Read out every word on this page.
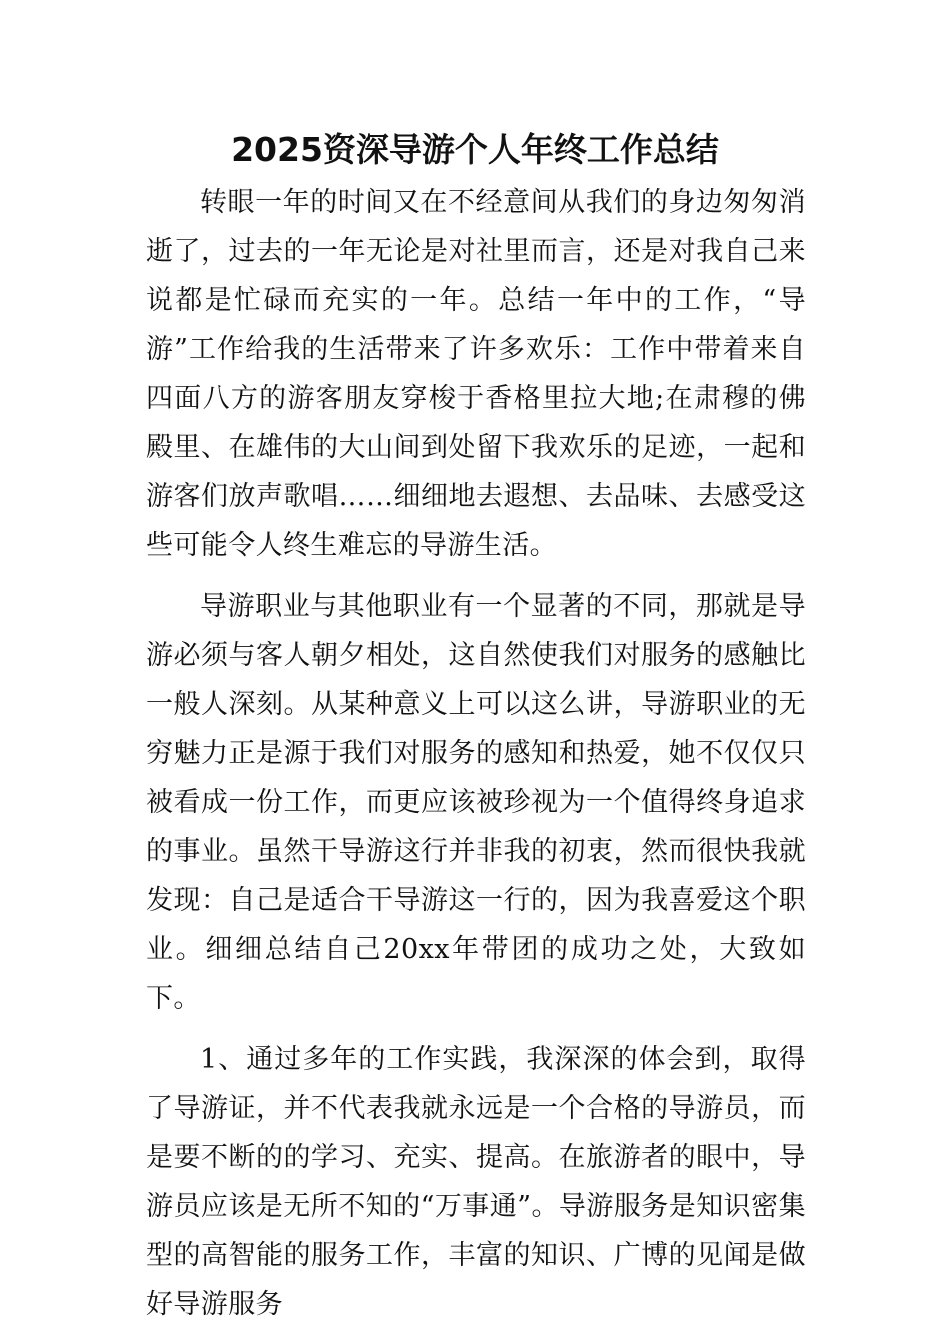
2025资深导游个人年终工作总结

转眼一年的时间又在不经意间从我们的身边匆匆消逝了，过去的一年无论是对社里而言，还是对我自己来说都是忙碌而充实的一年。总结一年中的工作，“导游”工作给我的生活带来了许多欢乐：工作中带着来自四面八方的游客朋友穿梭于香格里拉大地;在肃穆的佛殿里、在雄伟的大山间到处留下我欢乐的足迹，一起和游客们放声歌唱……细细地去遐想、去品味、去感受这些可能令人终生难忘的导游生活。

导游职业与其他职业有一个显著的不同，那就是导游必须与客人朝夕相处，这自然使我们对服务的感触比一般人深刻。从某种意义上可以这么讲，导游职业的无穷魅力正是源于我们对服务的感知和热爱，她不仅仅只被看成一份工作，而更应该被珍视为一个值得终身追求的事业。虽然干导游这行并非我的初衷，然而很快我就发现：自己是适合干导游这一行的，因为我喜爱这个职业。细细总结自己20xx年带团的成功之处，大致如下。

1、通过多年的工作实践，我深深的体会到，取得了导游证，并不代表我就永远是一个合格的导游员，而是要不断的的学习、充实、提高。在旅游者的眼中，导游员应该是无所不知的“万事通”。导游服务是知识密集型的高智能的服务工作，丰富的知识、广博的见闻是做好导游服务
